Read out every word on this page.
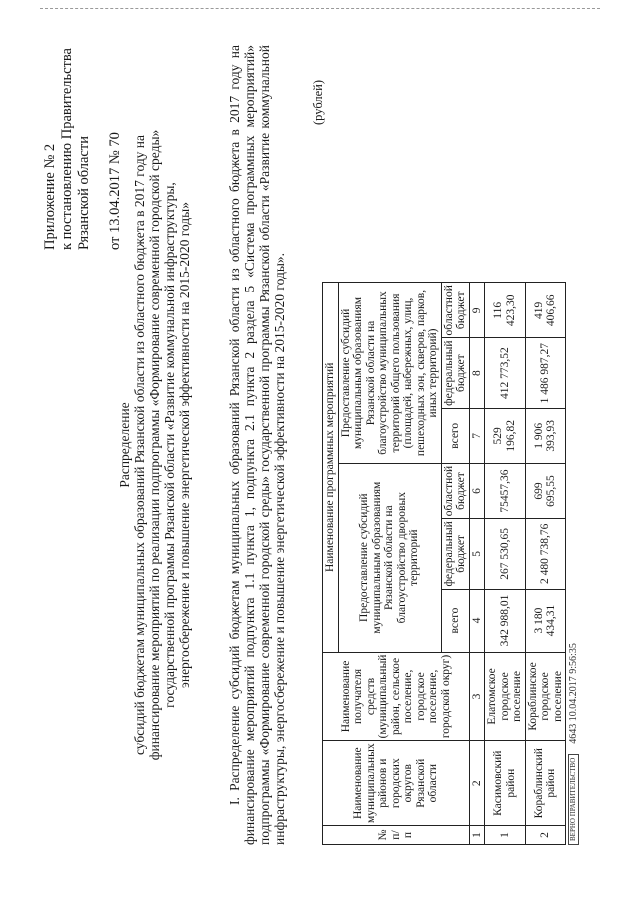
Приложение № 2 к постановлению Правительства Рязанской области от 13.04.2017 № 70
Распределение субсидий бюджетам муниципальных образований Рязанской области из областного бюджета в 2017 году на финансирование мероприятий по реализации подпрограммы «Формирование современной городской среды» государственной программы Рязанской области «Развитие коммунальной инфраструктуры, энергосбережение и повышение энергетической эффективности на 2015-2020 годы»	I. Распределение субсидий бюджетам муниципальных образований Рязанской области из областного бюджета в 2017 году на финансирование мероприятий подпункта 1.1 пункта 1, подпункта 2.1 пункта 2 раздела 5 «Система программных мероприятий» подпрограммы «Формирование современной городской среды» государственной программы Рязанской области «Развитие коммунальной инфраструктуры, энергосбережение и повышение энергетической эффективности на 2015-2020 годы».
(рублей)
№ п/п	Наименование муниципальных районов и городских округов Рязанской области	Наименование получателя средств (муниципальный район, сельское поселение, городское поселение, городской округ)	Наименование программных мероприятий					
			Предоставление субсидий муниципальным образованиям Рязанской области на благоустройство дворовых территорий			Предоставление субсидий муниципальным образованиям Рязанской области на благоустройство муниципальных территорий общего пользования (площадей, набережных, улиц, пешеходных зон, скверов, парков, иных территорий)		
			всего	федеральный бюджет	областной бюджет	всего	федеральный бюджет	областной бюджет
1	2	3	4	5	6	7	8	9
1	Касимовский район	Елатомское городское поселение	342 988,01	267 530,65	75457,36	529 196,82	412 773,52	116 423,30
2	Кораблинский район	Кораблинское городское поселение	3 180 434,31	2 480 738,76	699 695,55	1 906 393,93	1 486 987,27	419 406,66
ВЕРНО ПРАВИТЕЛЬСТВО
4643 10.04.2017 9:56:35
